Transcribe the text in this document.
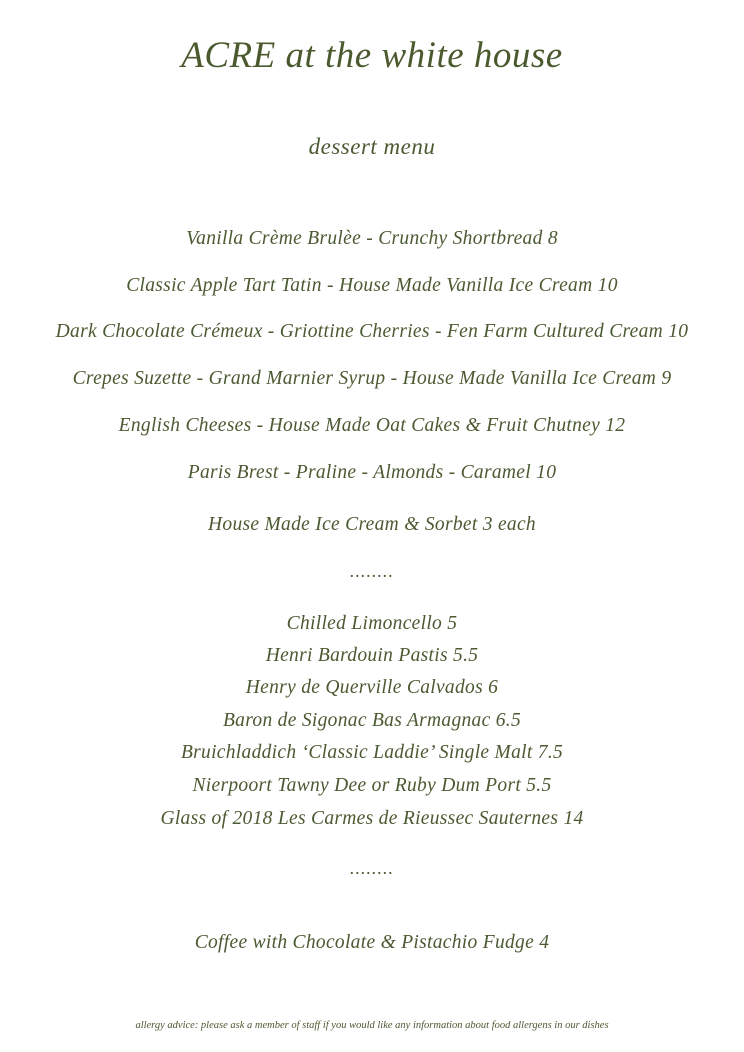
ACRE at the white house
dessert menu
Vanilla Crème Brulèe - Crunchy Shortbread 8
Classic Apple Tart Tatin - House Made Vanilla Ice Cream 10
Dark Chocolate Crémeux - Griottine Cherries - Fen Farm Cultured Cream 10
Crepes Suzette - Grand Marnier Syrup - House Made Vanilla Ice Cream 9
English Cheeses - House Made Oat Cakes & Fruit Chutney 12
Paris Brest - Praline - Almonds - Caramel 10
House Made Ice Cream & Sorbet 3 each
........
Chilled Limoncello 5
Henri Bardouin Pastis 5.5
Henry de Querville Calvados 6
Baron de Sigonac Bas Armagnac 6.5
Bruichladdich ‘Classic Laddie’ Single Malt 7.5
Nierpoort Tawny Dee or Ruby Dum Port 5.5
Glass of 2018 Les Carmes de Rieussec Sauternes 14
........
Coffee with Chocolate & Pistachio Fudge 4
allergy advice: please ask a member of staff if you would like any information about food allergens in our dishes
